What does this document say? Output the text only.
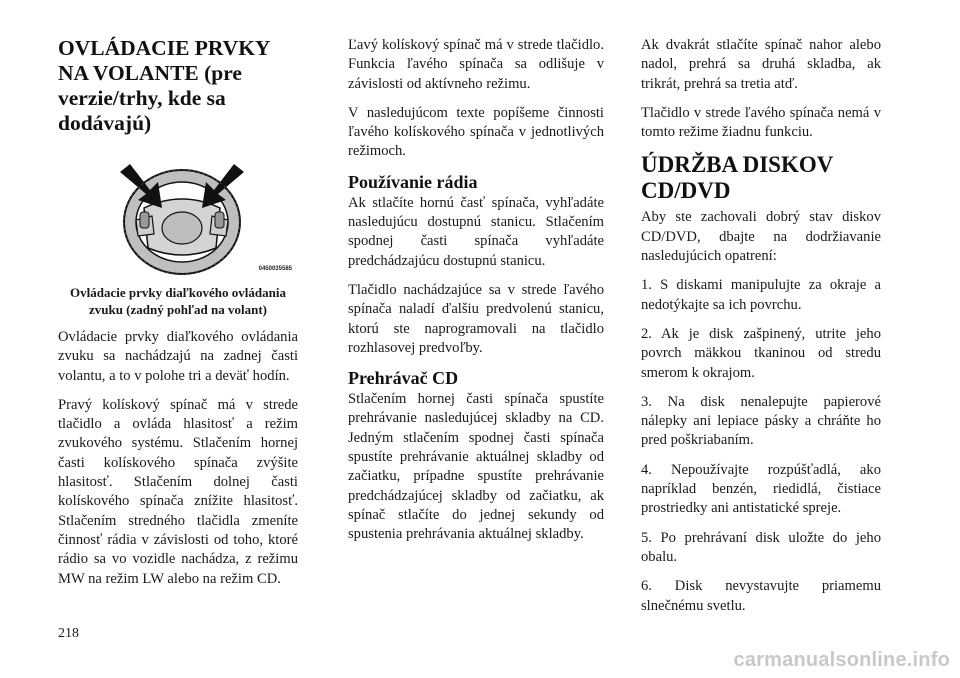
OVLÁDACIE PRVKY NA VOLANTE (pre verzie/trhy, kde sa dodávajú)
0450035585
Ovládacie prvky diaľkového ovládania zvuku (zadný pohľad na volant)

Ovládacie prvky diaľkového ovládania zvuku sa nachádzajú na zadnej časti volantu, a to v polohe tri a deväť hodín.

Pravý kolískový spínač má v strede tlačidlo a ovláda hlasitosť a režim zvukového systému. Stlačením hornej časti kolískového spínača zvýšite hlasitosť. Stlačením dolnej časti kolískového spínača znížite hlasitosť. Stlačením stredného tlačidla zmeníte činnosť rádia v závislosti od toho, ktoré rádio sa vo vozidle nachádza, z režimu MW na režim LW alebo na režim CD.

Ľavý kolískový spínač má v strede tlačidlo. Funkcia ľavého spínača sa odlišuje v závislosti od aktívneho režimu.

V nasledujúcom texte popíšeme činnosti ľavého kolískového spínača v jednotlivých režimoch.

Používanie rádia

Ak stlačíte hornú časť spínača, vyhľadáte nasledujúcu dostupnú stanicu. Stlačením spodnej časti spínača vyhľadáte predchádzajúcu dostupnú stanicu.

Tlačidlo nachádzajúce sa v strede ľavého spínača naladí ďalšiu predvolenú stanicu, ktorú ste naprogramovali na tlačidlo rozhlasovej predvoľby.

Prehrávač CD

Stlačením hornej časti spínača spustíte prehrávanie nasledujúcej skladby na CD. Jedným stlačením spodnej časti spínača spustíte prehrávanie aktuálnej skladby od začiatku, prípadne spustíte prehrávanie predchádzajúcej skladby od začiatku, ak spínač stlačíte do jednej sekundy od spustenia prehrávania aktuálnej skladby.

Ak dvakrát stlačíte spínač nahor alebo nadol, prehrá sa druhá skladba, ak trikrát, prehrá sa tretia atď.

Tlačidlo v strede ľavého spínača nemá v tomto režime žiadnu funkciu.

ÚDRŽBA DISKOV CD/DVD

Aby ste zachovali dobrý stav diskov CD/DVD, dbajte na dodržiavanie nasledujúcich opatrení:

1. S diskami manipulujte za okraje a nedotýkajte sa ich povrchu.

2. Ak je disk zašpinený, utrite jeho povrch mäkkou tkaninou od stredu smerom k okrajom.

3. Na disk nenalepujte papierové nálepky ani lepiace pásky a chráňte ho pred poškriabaním.

4. Nepoužívajte rozpúšťadlá, ako napríklad benzén, riedidlá, čistiace prostriedky ani antistatické spreje.

5. Po prehrávaní disk uložte do jeho obalu.

6. Disk nevystavujte priamemu slnečnému svetlu.

218
carmanualsonline.info
